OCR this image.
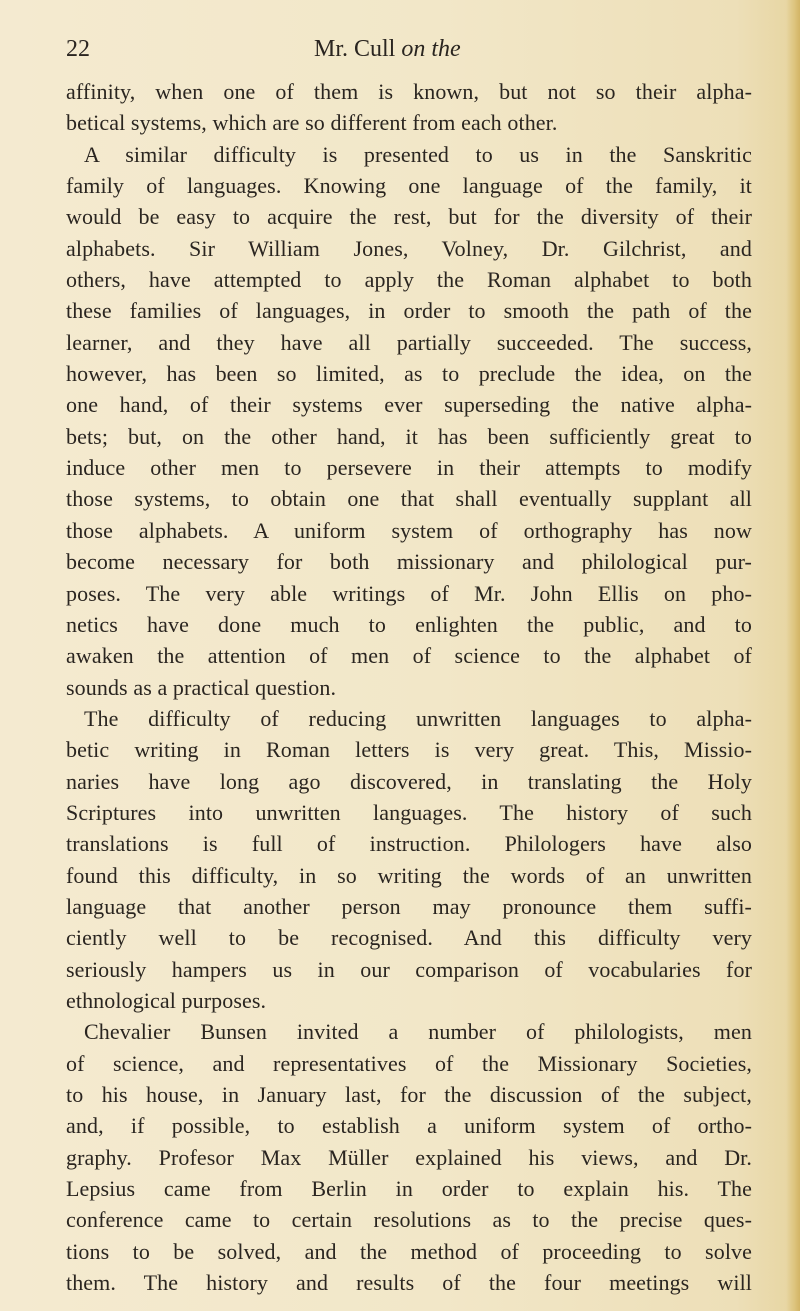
22	Mr. Cull on the
affinity, when one of them is known, but not so their alpha-
betical systems, which are so different from each other.
A similar difficulty is presented to us in the Sanskritic
family of languages. Knowing one language of the family, it
would be easy to acquire the rest, but for the diversity of their
alphabets. Sir William Jones, Volney, Dr. Gilchrist, and
others, have attempted to apply the Roman alphabet to both
these families of languages, in order to smooth the path of the
learner, and they have all partially succeeded. The success,
however, has been so limited, as to preclude the idea, on the
one hand, of their systems ever superseding the native alpha-
bets; but, on the other hand, it has been sufficiently great to
induce other men to persevere in their attempts to modify
those systems, to obtain one that shall eventually supplant all
those alphabets. A uniform system of orthography has now
become necessary for both missionary and philological pur-
poses. The very able writings of Mr. John Ellis on pho-
netics have done much to enlighten the public, and to
awaken the attention of men of science to the alphabet of
sounds as a practical question.
The difficulty of reducing unwritten languages to alpha-
betic writing in Roman letters is very great. This, Missio-
naries have long ago discovered, in translating the Holy
Scriptures into unwritten languages. The history of such
translations is full of instruction. Philologers have also
found this difficulty, in so writing the words of an unwritten
language that another person may pronounce them suffi-
ciently well to be recognised. And this difficulty very
seriously hampers us in our comparison of vocabularies for
ethnological purposes.
Chevalier Bunsen invited a number of philologists, men
of science, and representatives of the Missionary Societies,
to his house, in January last, for the discussion of the subject,
and, if possible, to establish a uniform system of ortho-
graphy. Profesor Max Müller explained his views, and Dr.
Lepsius came from Berlin in order to explain his. The
conference came to certain resolutions as to the precise ques-
tions to be solved, and the method of proceeding to solve
them. The history and results of the four meetings will
